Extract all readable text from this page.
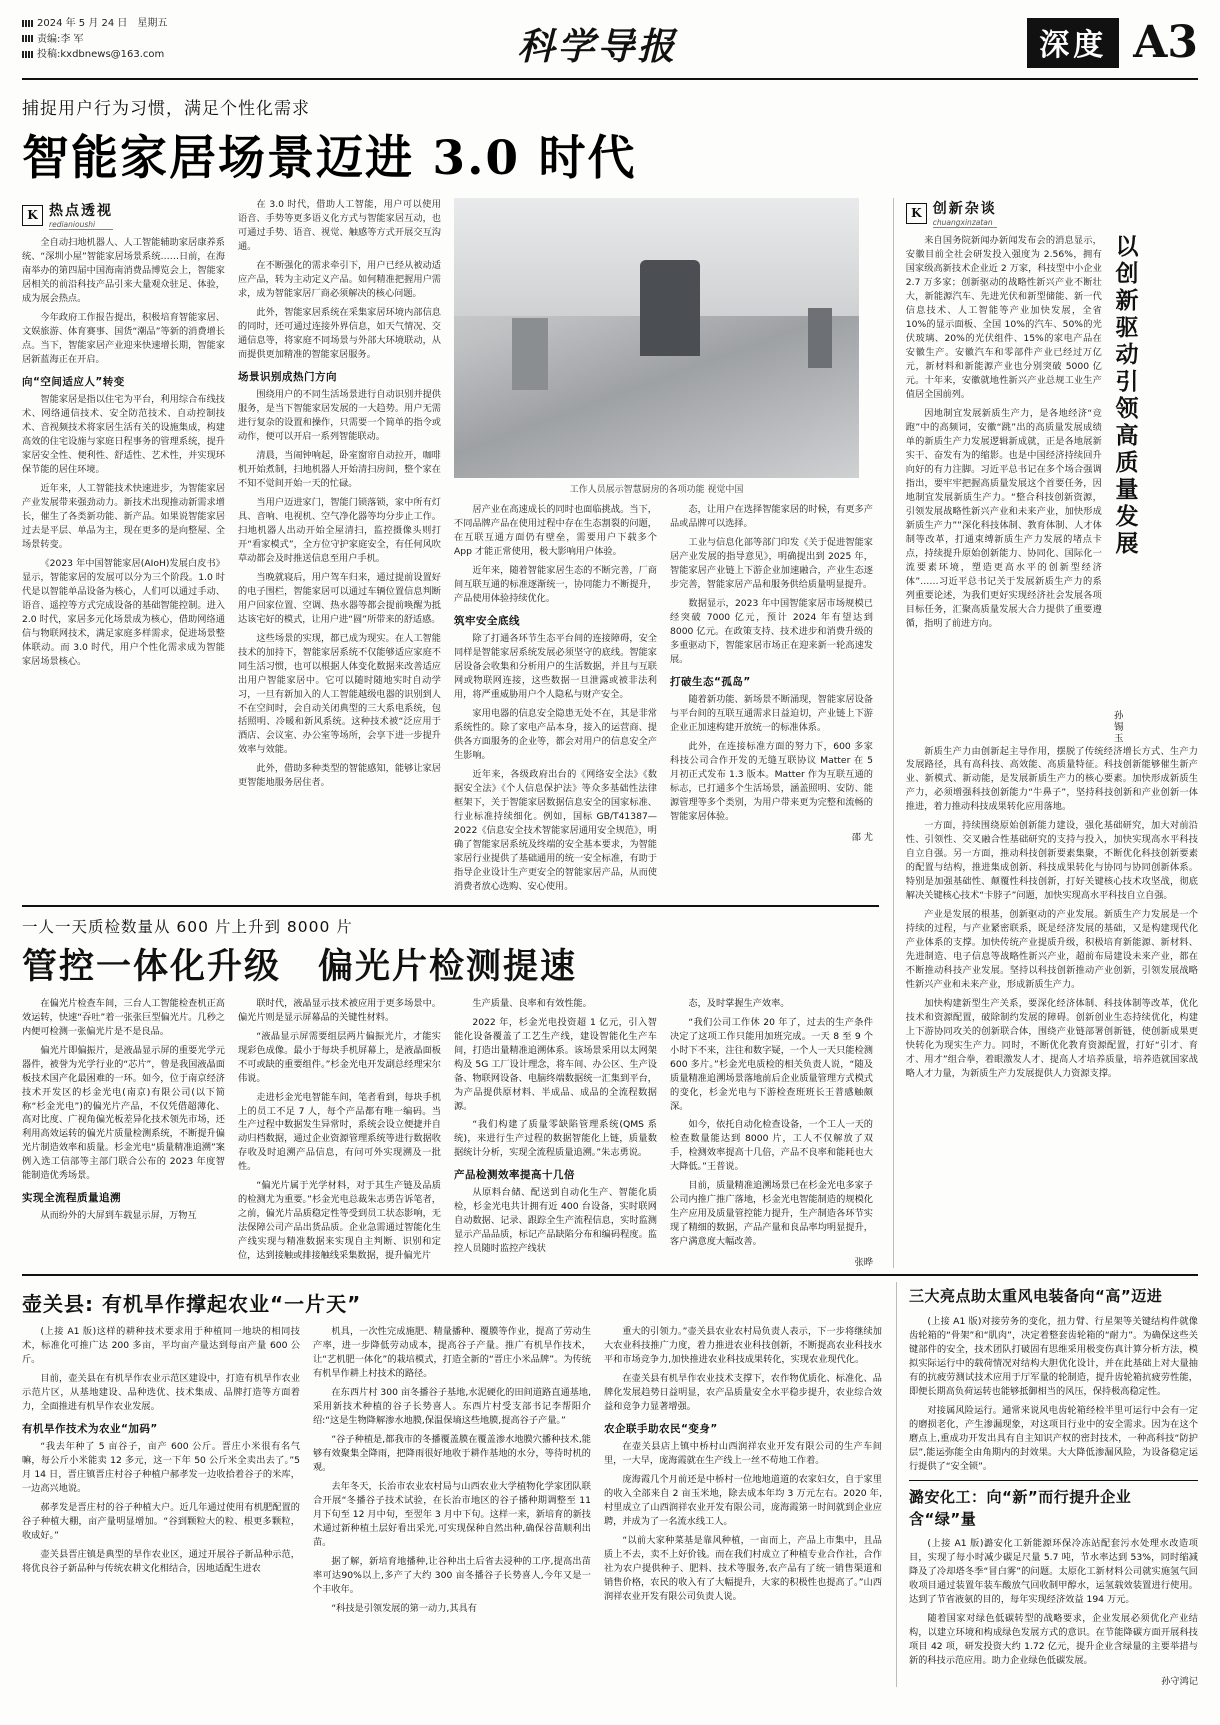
2024 年 5 月 24 日　星期五
责编:李 军
投稿:kxdbnews@163.com	科学导报	深度 A3
捕捉用户行为习惯，满足个性化需求
智能家居场景迈进 3.0 时代
K 热点透视
redianioushi

全自动扫地机器人、人工智能辅助家居康养系统、“深圳小屋”智能家居场景系统……日前，在海南举办的第四届中国海南消费品博览会上，智能家居相关的前沿科技产品引来大量观众驻足、体验，成为展会热点。

今年政府工作报告提出，积极培育智能家居、文娱旅游、体育赛事、国货“潮品”等新的消费增长点。当下，智能家居产业迎来快速增长期，智能家居新蓝海正在开启。

向“空间适应人”转变

智能家居是指以住宅为平台，利用综合布线技术、网络通信技术、安全防范技术、自动控制技术、音视频技术将家居生活有关的设施集成，构建高效的住宅设施与家庭日程事务的管理系统，提升家居安全性、便利性、舒适性、艺术性，并实现环保节能的居住环境。

近年来，人工智能技术快速进步，为智能家居产业发展带来强劲动力。新技术出现推动新需求增长，催生了各类新功能、新产品。如果说智能家居过去是平层、单品为主，现在更多的是向整屋、全场景转变。

《2023 年中国智能家居(AIoH)发展白皮书》显示，智能家居的发展可以分为三个阶段。1.0 时代是以智能单品设备为核心，人们可以通过手动、语音、遥控等方式完成设备的基础智能控制。进入 2.0 时代，家居多元化场景成为核心，借助网络通信与物联网技术，满足家庭多样需求，促进场景整体联动。而 3.0 时代，用户个性化需求成为智能家居场景核心。

在 3.0 时代，借助人工智能，用户可以使用语音、手势等更多语义化方式与智能家居互动，也可通过手势、语音、视觉、触感等方式开展交互沟通。

在不断强化的需求牵引下，用户已经从被动适应产品，转为主动定义产品。如何精准把握用户需求，成为智能家居厂商必须解决的核心问题。

此外，智能家居系统在采集家居环境内部信息的同时，还可通过连接外界信息，如天气情况、交通信息等，将家庭不同场景与外部大环境联动，从而提供更加精准的智能家居服务。

场景识别成热门方向

围绕用户的不同生活场景进行自动识别并提供服务，是当下智能家居发展的一大趋势。用户无需进行复杂的设置和操作，只需要一个简单的指令或动作，便可以开启一系列智能联动。

清晨，当闹钟响起，卧室窗帘自动拉开，咖啡机开始煮制，扫地机器人开始清扫房间，整个家在不知不觉间开始一天的忙碌。

当用户迈进家门，智能门锁落锁，家中所有灯具、音响、电视机、空气净化器等均分步止工作。扫地机器人出动开始全屋清扫，监控摄像头则打开“看家模式”，全方位守护家庭安全，有任何风吹草动都会及时推送信息至用户手机。

当晚就寝后，用户驾车归来，通过提前设置好的电子围栏，智能家居可以通过车辆位置信息判断用户回家位置、空调、热水器等都会提前唤醒为抵达该宅好的模式，让用户进“圆”所带来的舒适感。

这些场景的实现，都已成为现实。在人工智能技术的加持下，智能家居系统不仅能够适应家庭不同生活习惯，也可以根据人体变化数据来改善适应出用户智能家居中。它可以随时随地实时自动学习，一旦有新加入的人工智能越级电器的识别到人不在空间时，会自动关闭典型的三大系电系统，包括照明、冷暖和新风系统。这种技术被“泛应用于酒店、会议室、办公室等场所，会享下进一步提升效率与效能。

此外，借助多种类型的智能感知，能够让家居更智能地服务居住者。

工作人员展示智慧厨房的各项功能 视觉中国

居产业在高速成长的同时也面临挑战。当下，不同品牌产品在使用过程中存在生态割裂的问题，在互联互通方面仍有壁垒，需要用户下载多个 App 才能正常使用，极大影响用户体验。

近年来，随着智能家居生态的不断完善，厂商间互联互通的标准逐渐统一，协同能力不断提升，产品使用体验持续优化。

筑牢安全底线

除了打通各环节生态平台间的连接障碍，安全同样是智能家居系统发展必须坚守的底线。智能家居设备会收集和分析用户的生活数据，并且与互联网或物联网连接，这些数据一旦泄露或被非法利用，将严重威胁用户个人隐私与财产安全。

家用电器的信息安全隐患无处不在，其是非常系统性的。除了家电产品本身，接入的运营商、提供各方面服务的企业等，都会对用户的信息安全产生影响。

近年来，各级政府出台的《网络安全法》《数据安全法》《个人信息保护法》等众多基础性法律框架下，关于智能家居数据信息安全的国家标准、行业标准持续细化。例如，国标 GB/T41387—2022《信息安全技术智能家居通用安全规范》，明确了智能家居系统及终端的安全基本要求，为智能家居行业提供了基础通用的统一安全标准，有助于指导企业设计生产更安全的智能家居产品，从而使消费者放心选购、安心使用。

态，让用户在选择智能家居的时候，有更多产品或品牌可以选择。

工业与信息化部等部门印发《关于促进智能家居产业发展的指导意见》，明确提出到 2025 年，智能家居产业链上下游企业加速融合，产业生态逐步完善，智能家居产品和服务供给质量明显提升。

数据显示，2023 年中国智能家居市场规模已经突破 7000 亿元，预计 2024 年有望达到 8000 亿元。在政策支持、技术进步和消费升级的多重驱动下，智能家居市场正在迎来新一轮高速发展。

打破生态“孤岛”

随着新功能、新场景不断涌现，智能家居设备与平台间的互联互通需求日益迫切，产业链上下游企业正加速构建开放统一的标准体系。

此外，在连接标准方面的努力下，600 多家科技公司合作开发的无缝互联协议 Matter 在 5 月初正式发布 1.3 版本。Matter 作为互联互通的标志，已打通多个生活场景，涵盖照明、安防、能源管理等多个类别，为用户带来更为完整和流畅的智能家居体验。

邵 尤
一人一天质检数量从 600 片上升到 8000 片
管控一体化升级　偏光片检测提速

在偏光片检查车间，三台人工智能检查机正高效运转，快速“吞吐”着一张张巨型偏光片。几秒之内便可检测一张偏光片是不是良品。

偏光片即偏振片，是液晶显示屏的重要光学元器件，被誉为光学行业的“芯片”，曾是我国液晶面板技术国产化最困难的一环。如今，位于南京经济技术开发区的杉金光电(南京)有限公司(以下简称“杉金光电”)的偏光片产品，不仅凭借超薄化、高对比度、广视角偏光板差异化技术领先市场，还利用高效运转的偏光片质量检测系统，不断提升偏光片制造效率和质量。杉金光电“质量精准追溯”案例入选工信部等主部门联合公布的 2023 年度智能制造优秀场景。

实现全流程质量追溯

从而纷外的大屏到车载显示屏，万物互

联时代，液晶显示技术被应用于更多场景中。偏光片则是显示屏幕品的关键性材料。

“液晶显示屏需要组层两片偏振光片，才能实现彩色成像。最小于每块手机屏幕上，是液晶面板不可或缺的重要组件。”杉金光电开发副总经理宋尔伟说。

走进杉金光电智能车间，笔者看到，每块手机上的员工不足 7 人，每个产品都有唯一编码。当生产过程中数据发生异常时，系统会设立便捷并自动归档数据，通过企业资源管理系统等进行数据收存收及时追溯产品信息，有问可外实现溯及一批性。

“偏光片属于光学材料，对于其生产链及品质的检测尤为重要。”杉金光电总裁朱志勇告诉笔者，之前，偏光片品质稳定性等受到员工状态影响，无法保障公司产品出货品质。企业急需通过智能化生产线实现与精准数据来实现自主判断、识别和定位，达到接触或排接触线采集数据，提升偏光片

生产质量、良率和有效性能。

2022 年，杉金光电投资超 1 亿元，引入智能化设备覆盖了工艺生产线，建设智能化生产车间，打造出量精准追溯体系。该场景采用以太网架构及 5G 工厂设计理念，将车间、办公区、生产设备、物联网设备、电脑终端数据统一汇集到平台，为产品提供原材料、半成品、成品的全流程数据源。

“我们构建了质量零缺陷管理系统(QMS 系统)，来进行生产过程的数据智能化上链，质量数据统计分析，实现全流程质量追溯。”朱志勇说。

产品检测效率提高十几倍

从原料台储、配送到自动化生产、智能化质检，杉金光电共计拥有近 400 台设备，实时联网自动数据、记录、跟踪全生产流程信息，实时监测显示产品品质，标记产品缺陷分布和编码程度。监控人员随时监控产线状

态，及时掌握生产效率。

“我们公司工作休 20 年了，过去的生产条件决定了这项工作只能用加班完成。一天 8 至 9 个小时下不来，注往和数字疑，一个人一天只能检测 600 多片。”杉金光电质检的相关负责人说，“随及质量精准追溯场景落地前后企业质量管理方式模式的变化，杉金光电与下游检查班班长王普感触颇深。

如今，依托自动化检查设备，一个工人一天的检查数量能达到 8000 片，工人不仅解放了双手，检测效率提高十几倍，产品不良率和能耗也大大降低。”王普说。

目前，质量精准追溯场景已在杉金光电多家子公司内推广推广落地，杉金光电智能制造的规模化生产应用及质量管控能力提升，生产制造各环节实现了精细的数据，产品产量和良品率均明显提升，客户满意度大幅改善。

张晔
K 创新杂谈
chuangxinzatan

来自国务院新闻办新闻发布会的消息显示，安徽目前全社会研发投入强度为 2.56%，拥有国家级高新技术企业近 2 万家，科技型中小企业 2.7 万多家；创新驱动的战略性新兴产业不断壮大，新能源汽车、先进光伏和新型储能、新一代信息技术、人工智能等产业加快发展，全省 10%的显示面板、全国 10%的汽车、50%的光伏玻璃、20%的光伏组件、15%的家电产品在安徽生产。安徽汽车和零部件产业已经过万亿元，新材料和新能源产业也分别突破 5000 亿元。十年来，安徽就地性新兴产业总规工业生产值居全国前列。

因地制宜发展新质生产力，是各地经济“竞跑”中的高频词，安徽“跳”出的高质量发展成绩单的新质生产力发展逻辑新成就，正是各地展新实干、奋发有为的缩影。也是中国经济持续回升向好的有力注脚。习近平总书记在多个场合强调指出，要牢牢把握高质量发展这个首要任务，因地制宜发展新质生产力。“整合科技创新资源，引领发展战略性新兴产业和未来产业，加快形成新质生产力””深化科技体制、教育体制、人才体制等改革，打通束缚新质生产力发展的堵点卡点，持续提升原始创新能力、协同化、国际化一流要素环境，塑造更高水平的创新型经济体”……习近平总书记关于发展新质生产力的系列重要论述，为我们更好实现经济社会发展各项目标任务，汇聚高质量发展大合力提供了重要遵循，指明了前进方向。

以创新驱动引领高质量发展
孙锡玉

新质生产力由创新起主导作用，摆脱了传统经济增长方式、生产力发展路径，具有高科技、高效能、高质量特征。科技创新能够催生新产业、新模式、新动能，是发展新质生产力的核心要素。加快形成新质生产力，必须增强科技创新能力“牛鼻子”，坚持科技创新和产业创新一体推进，着力推动科技成果转化应用落地。

一方面，持续围绕原始创新能力建设，强化基础研究，加大对前沿性、引领性、交叉融合性基础研究的支持与投入，加快实现高水平科技自立自强。另一方面，推动科技创新要素集聚，不断优化科技创新要素的配置与结构，推进集成创新、科技成果转化与协同与协同创新体系。特别是加强基础性、颠覆性科技创新，打好关键核心技术攻坚战，彻底解决关键核心技术“卡脖子”问题，加快实现高水平科技自立自强。

产业是发展的根基，创新驱动的产业发展。新质生产力发展是一个持续的过程，与产业紧密联系，既是经济发展的基础，又是构建现代化产业体系的支撑。加快传统产业提质升级，积极培育新能源、新材料、先进制造、电子信息等战略性新兴产业，超前布局建设未来产业，都在不断推动科技产业发展。坚持以科技创新推动产业创新，引领发展战略性新兴产业和未来产业，形成新质生产力。

加快构建新型生产关系，要深化经济体制、科技体制等改革，优化技术和资源配置，破除制约发展的障碍。创新创业生态持续优化，构建上下游协同攻关的创新联合体，围绕产业链部署创新链，使创新成果更快转化为现实生产力。同时，不断优化教育资源配置，打好“引才、育才、用才”组合拳，着眼激发人才、提高人才培养质量，培养造就国家战略人才力量，为新质生产力发展提供人力资源支撑。

壶关县: 有机旱作撑起农业“一片天”

(上接 A1 版)这样的耕种技术要求用于种植同一地块的相同技术，标准化可推广达 200 多亩，平均亩产量达到每亩产量 600 公斤。

目前，壶关县在有机旱作农业示范区建设中，打造有机旱作农业示范片区，从基地建设、品种选优、技术集成、品牌打造等方面着力，全面推进有机旱作农业发展。

有机旱作技术为农业“加码”

“我去年种了 5 亩谷子，亩产 600 公斤。晋庄小米很有名气嘛，每公斤小米能卖 12 多元，这一下年 50 公斤米全卖出去了。”5 月 14 日，晋庄镇晋庄村谷子种植户郝孝发一边收拾着谷子的米库，一边高兴地说。

郝孝发是晋庄村的谷子种植大户。近几年通过使用有机肥配置的谷子种植大棚，亩产量明显增加。“谷到颗粒大的粒、根更多颗粒，收成好。”

壶关县晋庄镇是典型的旱作农业区，通过开展谷子新品种示范，将优良谷子新品种与传统农耕文化相结合，因地适配生进农

机具，一次性完成施肥、精量播种、覆膜等作业，提高了劳动生产率，进一步降低劳动成本，提高谷子产量。推广有机旱作技术，让“艺机肥一体化”的栽培模式，打造全新的“晋庄小米品牌”。为传统有机旱作耕上村技术的路径。

在东西片村 300 亩冬播谷子基地,水泥硬化的田间道路直通基地,采用新技术种植的谷子长势喜人。东西片村受支部书记李帮阳介绍:“这是生物降解渗水地膜,保温保墒这些地膜,提高谷子产量。”

“谷子种植是,都我市的冬播覆盖膜在覆盖渗水地膜穴播种技术,能够有效聚集全降雨，把降雨很好地收于耕作基地的水分，等待时机的观。

去年冬天，长治市农业农村局与山西农业大学植物化学家团队联合开展“冬播谷子技术试验，在长治市地区的谷子播种期调整至 11 月下旬至 12 月中旬，至翌年 3 月中下旬。这样一来，新培育的新技术通过新种植土层好看出采光,可实现保种自然出种,确保谷苗顺利出苗。

据了解，新培育地播种,让谷种出土后省去浸种的工序,提高出苗率可达90%以上,多产了大约 300 亩冬播谷子长势喜人,今年又是一个丰收年。

“科技是引领发展的第一动力,其具有

重大的引领力。”壶关县农业农村局负责人表示，下一步将继续加大农业科技推广力度，着力推进农业科技创新，不断提高农业科技水平和市场竞争力,加快推进农业科技成果转化，实现农业现代化。

在壶关县有机旱作农业技术支撑下，农作物优质化、标准化、品牌化发展趋势日益明显，农产品质量安全水平稳步提升，农业综合效益和竞争力显著增强。

农企联手助农民“变身”

在壶关县店上镇中桥村山西润祥农业开发有限公司的生产车间里，一大早，庞海霞就在生产线上一丝不苟地工作着。

庞海霞几个月前还是中桥村一位地地道道的农家妇女，自于家里的收入全部来自 2 亩玉米地，除去成本年均 3 万元左右。2020 年,村里成立了山西润祥农业开发有限公司，庞海霞第一时间就到企业应聘，并成为了一名流水线工人。

“以前大家种菜基是靠风种植，一亩而上，产品上市集中，且品质上不去，卖不上好价钱。而在我们村成立了种植专业合作社，合作社为农户提供种子、肥料、技术等服务,农产品有了统一销售渠道和销售价格，农民的收入有了大幅提升，大家的积极性也提高了。”山西润祥农业开发有限公司负责人说。

三大亮点助太重风电装备向“高”迈进

(上接 A1 版)对接劳务的变化，扭力臂、行星架等关键结构件就像齿轮箱的“骨架”和“肌肉”，决定着整套齿轮箱的“耐力”。为确保这些关键部件的安全，技术团队打破固有思维采用极变伤真计算分析方法，模拟实际运行中的载荷情况对结构大胆优化设计，并在此基础上对大量抽有的抗疲劳测试技术应用于厅军量的轮制造，提升齿轮箱抗疲劳性能，即便长期高负荷运转也能够抵御相当的风压，保持极高稳定性。

对接属风险运行。通常来说风电齿轮箱经检半里可运行中会有一定的磨损老化，产生渗漏现象，对这项目行业中的安全需求。因为在这个磨点上,重成功开发出具有自主知识产权的密封技术，一种高科技“防护层”,能运弥能全由角期内的封效果。大大降低渗漏风险，为设备稳定运行提供了“安全锁”。

潞安化工：向“新”而行提升企业含“绿”量

(上接 A1 版)潞安化工新能源环保冷冻站配套污水处理水改造项目，实现了每小时减少碳足尺量 5.7 吨，节水率达到 53%，同时缩减降及了冷却塔冬季“冒白雾”的问题。太原化工新材料公司就实施氢气回收项目通过装置年装车酸放气回收制甲醇水，运氢载效装置进行使用。达到了节省液氨的目的，每年实现经济效益 194 万元。

随着国家对绿色低碳转型的战略要求，企业发展必须优化产业结构，以建立环境和构成绿色发展方式的意识。在节能降碳方面开展科技项目 42 项，研发投资大约 1.72 亿元，提升企业含绿量的主要举措与新的科技示范应用。助力企业绿色低碳发展。

孙守鸿记
